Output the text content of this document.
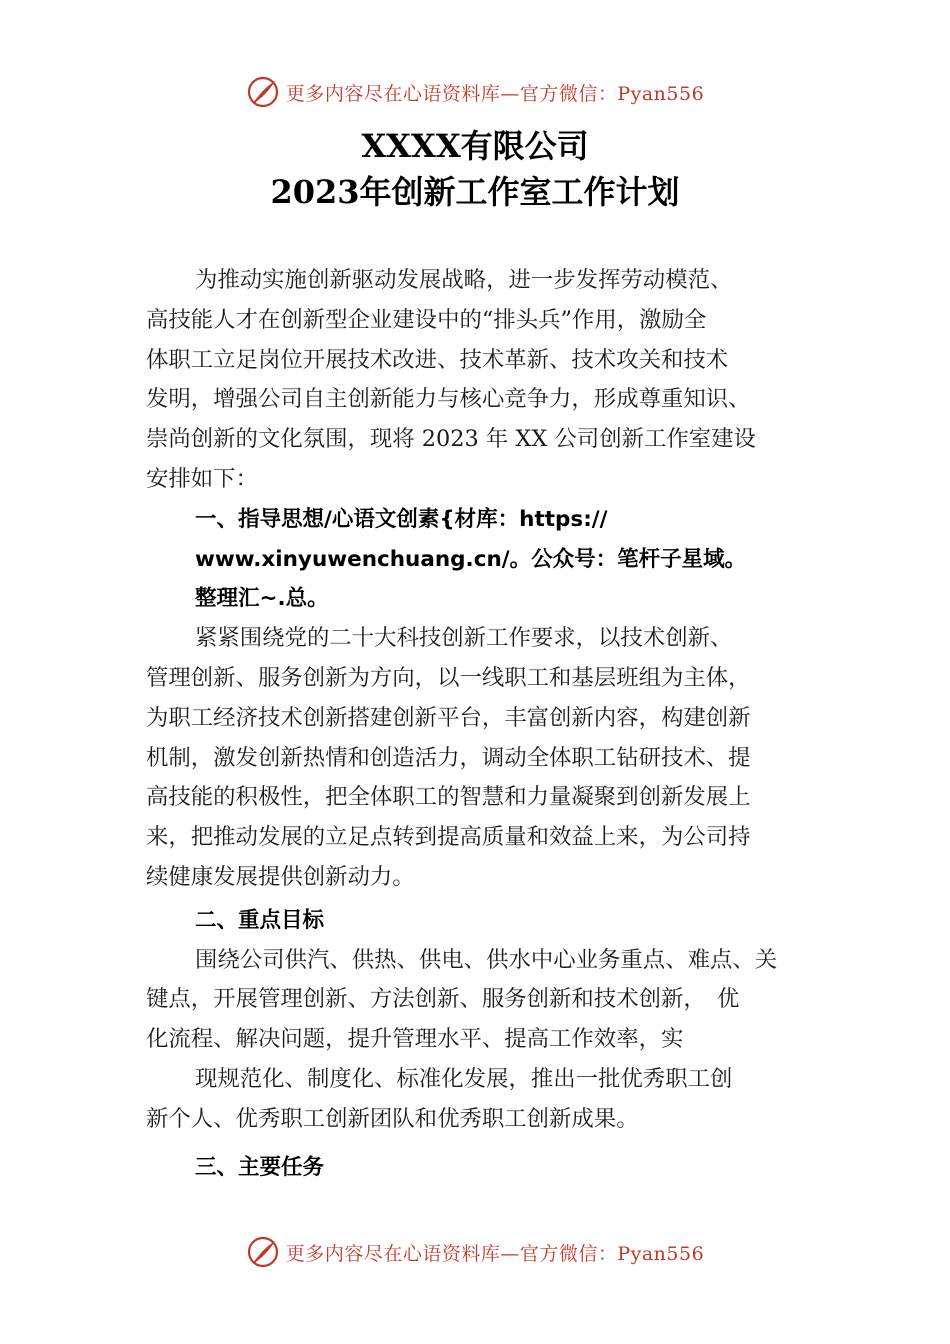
更多内容尽在心语资料库—官方微信：Pyan556
XXXX有限公司
2023年创新工作室工作计划
为推动实施创新驱动发展战略，进一步发挥劳动模范、
高技能人才在创新型企业建设中的“排头兵”作用，激励全
体职工立足岗位开展技术改进、技术革新、技术攻关和技术
发明，增强公司自主创新能力与核心竞争力，形成尊重知识、
崇尚创新的文化氛围，现将 2023 年 XX 公司创新工作室建设
安排如下：
一、指导思想/心语文创素{材库：https://
www.xinyuwenchuang.cn/。公众号：笔杆子星域。
整理汇~.总。
紧紧围绕党的二十大科技创新工作要求，以技术创新、
管理创新、服务创新为方向，以一线职工和基层班组为主体，
为职工经济技术创新搭建创新平台，丰富创新内容，构建创新
机制，激发创新热情和创造活力，调动全体职工钻研技术、提
高技能的积极性，把全体职工的智慧和力量凝聚到创新发展上
来，把推动发展的立足点转到提高质量和效益上来，为公司持
续健康发展提供创新动力。
二、重点目标
围绕公司供汽、供热、供电、供水中心业务重点、难点、关
键点，开展管理创新、方法创新、服务创新和技术创新，　优
化流程、解决问题，提升管理水平、提高工作效率，实
现规范化、制度化、标准化发展，推出一批优秀职工创
新个人、优秀职工创新团队和优秀职工创新成果。
三、主要任务
更多内容尽在心语资料库—官方微信：Pyan556
